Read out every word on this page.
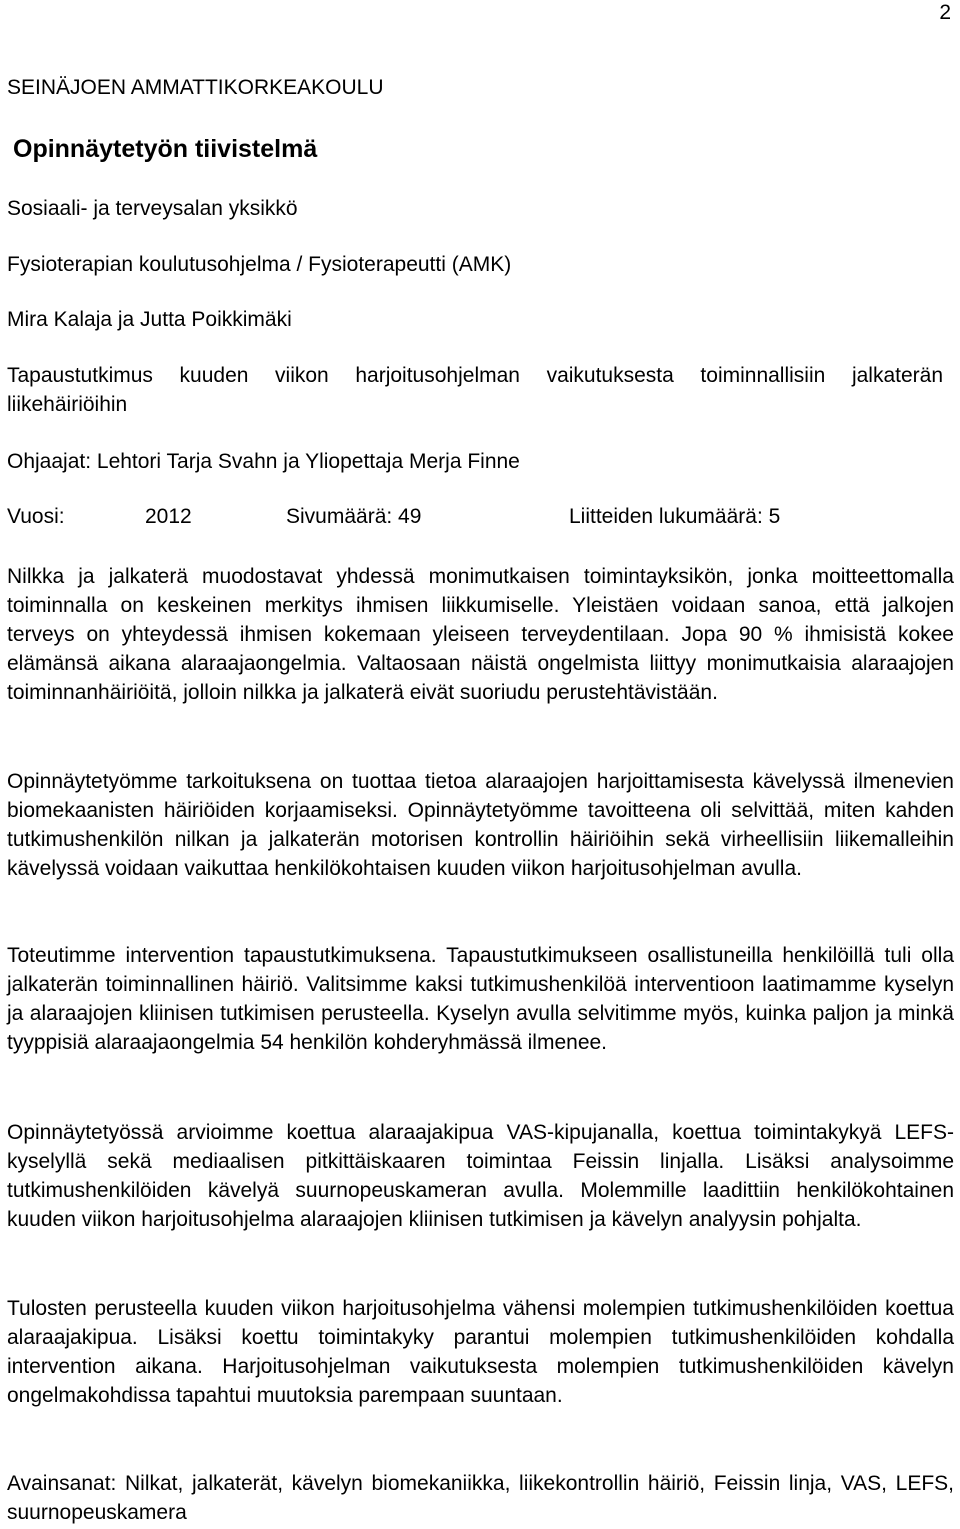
2

SEINÄJOEN AMMATTIKORKEAKOULU

Opinnäytetyön tiivistelmä

Sosiaali- ja terveysalan yksikkö

Fysioterapian koulutusohjelma / Fysioterapeutti (AMK)

Mira Kalaja ja Jutta Poikkimäki

Tapaustutkimus kuuden viikon harjoitusohjelman vaikutuksesta toiminnallisiin jalkaterän liikehäiriöihin

Ohjaajat: Lehtori Tarja Svahn ja Yliopettaja Merja Finne

Vuosi:	2012	Sivumäärä: 49	Liitteiden lukumäärä: 5

Nilkka ja jalkaterä muodostavat yhdessä monimutkaisen toimintayksikön, jonka moitteettomalla toiminnalla on keskeinen merkitys ihmisen liikkumiselle. Yleistäen voidaan sanoa, että jalkojen terveys on yhteydessä ihmisen kokemaan yleiseen terveydentilaan. Jopa 90 % ihmisistä kokee elämänsä aikana alaraajaongelmia. Valtaosaan näistä ongelmista liittyy monimutkaisia alaraajojen toiminnanhäiriöitä, jolloin nilkka ja jalkaterä eivät suoriudu perustehtävistään.

Opinnäytetyömme tarkoituksena on tuottaa tietoa alaraajojen harjoittamisesta kävelyssä ilmenevien biomekaanisten häiriöiden korjaamiseksi. Opinnäytetyömme tavoitteena oli selvittää, miten kahden tutkimushenkilön nilkan ja jalkaterän motorisen kontrollin häiriöihin sekä virheellisiin liikemalleihin kävelyssä voidaan vaikuttaa henkilökohtaisen kuuden viikon harjoitusohjelman avulla.

Toteutimme intervention tapaustutkimuksena. Tapaustutkimukseen osallistuneilla henkilöillä tuli olla jalkaterän toiminnallinen häiriö. Valitsimme kaksi tutkimushenkilöä interventioon laatimamme kyselyn ja alaraajojen kliinisen tutkimisen perusteella. Kyselyn avulla selvitimme myös, kuinka paljon ja minkä tyyppisiä alaraajaongelmia 54 henkilön kohderyhmässä ilmenee.

Opinnäytetyössä arvioimme koettua alaraajakipua VAS-kipujanalla, koettua toimintakykyä LEFS-kyselyllä sekä mediaalisen pitkittäiskaaren toimintaa Feissin linjalla. Lisäksi analysoimme tutkimushenkilöiden kävelyä suurnopeuskameran avulla. Molemmille laadittiin henkilökohtainen kuuden viikon harjoitusohjelma alaraajojen kliinisen tutkimisen ja kävelyn analyysin pohjalta.

Tulosten perusteella kuuden viikon harjoitusohjelma vähensi molempien tutkimushenkilöiden koettua alaraajakipua. Lisäksi koettu toimintakyky parantui molempien tutkimushenkilöiden kohdalla intervention aikana. Harjoitusohjelman vaikutuksesta molempien tutkimushenkilöiden kävelyn ongelmakohdissa tapahtui muutoksia parempaan suuntaan.

Avainsanat: Nilkat, jalkaterät, kävelyn biomekaniikka, liikekontrollin häiriö, Feissin linja, VAS, LEFS, suurnopeuskamera
